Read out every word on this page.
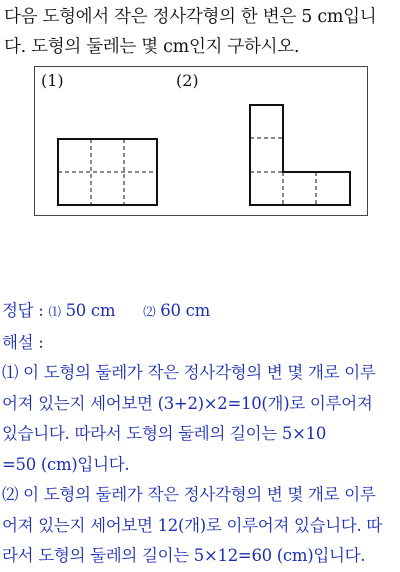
다음 도형에서 작은 정사각형의 한 변은 5 cm입니
다. 도형의 둘레는 몇 cm인지 구하시오.
(1)	(2)
정답 : ⑴ 50 cm ⑵ 60 cm
해설 :
⑴ 이 도형의 둘레가 작은 정사각형의 변 몇 개로 이루
어져 있는지 세어보면 (3+2)×2=10(개)로 이루어져
있습니다. 따라서 도형의 둘레의 길이는 5×10
=50 (cm)입니다.
⑵ 이 도형의 둘레가 작은 정사각형의 변 몇 개로 이루
어져 있는지 세어보면 12(개)로 이루어져 있습니다. 따
라서 도형의 둘레의 길이는 5×12=60 (cm)입니다.
